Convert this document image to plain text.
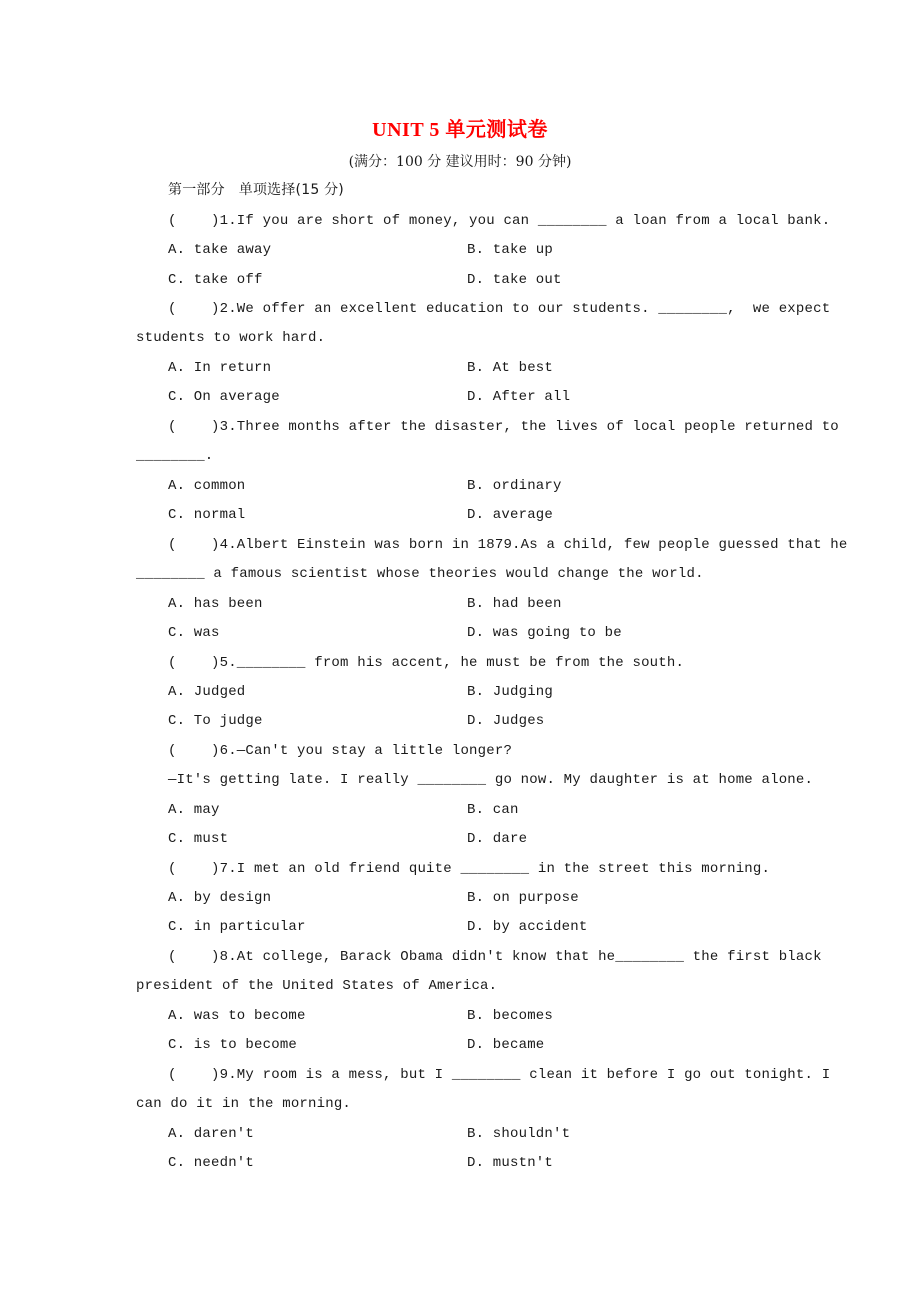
UNIT 5 单元测试卷
(满分：100 分 建议用时：90 分钟)
第一部分   单项选择(15 分)
(    )1.If you are short of money, you can ________ a loan from a local bank.
A. take away	B. take up
C. take off	D. take out
(    )2.We offer an excellent education to our students. ________,  we expect
students to work hard.
A. In return	B. At best
C. On average	D. After all
(    )3.Three months after the disaster, the lives of local people returned to
________.
A. common	B. ordinary
C. normal	D. average
(    )4.Albert Einstein was born in 1879.As a child, few people guessed that he
________ a famous scientist whose theories would change the world.
A. has been	B. had been
C. was	D. was going to be
(    )5.________ from his accent, he must be from the south.
A. Judged	B. Judging
C. To judge	D. Judges
(    )6.—Can't you stay a little longer?
—It's getting late. I really ________ go now. My daughter is at home alone.
A. may	B. can
C. must	D. dare
(    )7.I met an old friend quite ________ in the street this morning.
A. by design	B. on purpose
C. in particular	D. by accident
(    )8.At college, Barack Obama didn't know that he________ the first black
president of the United States of America.
A. was to become	B. becomes
C. is to become	D. became
(    )9.My room is a mess, but I ________ clean it before I go out tonight. I
can do it in the morning.
A. daren't	B. shouldn't
C. needn't	D. mustn't
